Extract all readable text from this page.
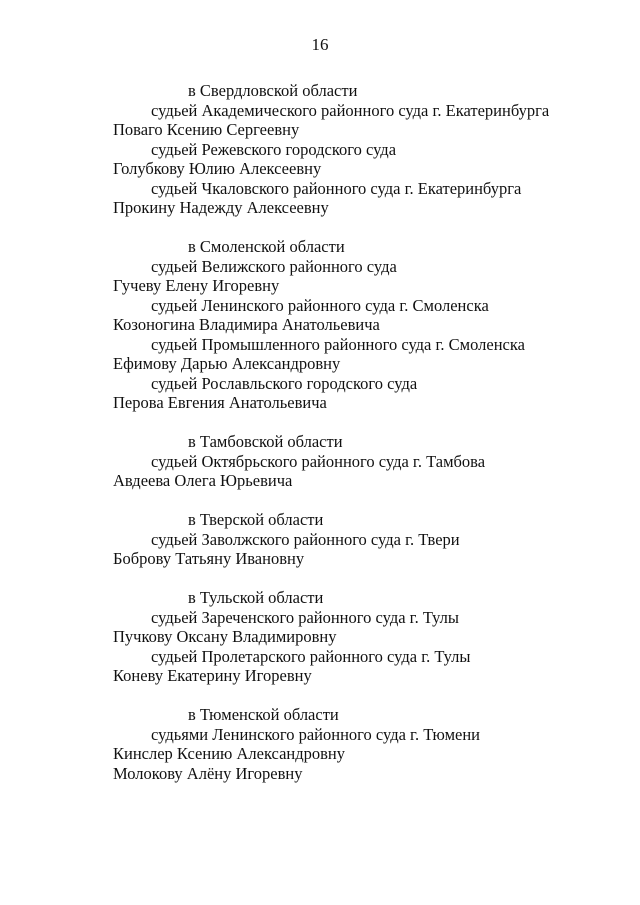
16
в Свердловской области
судьей Академического районного суда г. Екатеринбурга
Поваго Ксению Сергеевну
судьей Режевского городского суда
Голубкову Юлию Алексеевну
судьей Чкаловского районного суда г. Екатеринбурга
Прокину Надежду Алексеевну
в Смоленской области
судьей Велижского районного суда
Гучеву Елену Игоревну
судьей Ленинского районного суда г. Смоленска
Козоногина Владимира Анатольевича
судьей Промышленного районного суда г. Смоленска
Ефимову Дарью Александровну
судьей Рославльского городского суда
Перова Евгения Анатольевича
в Тамбовской области
судьей Октябрьского районного суда г. Тамбова
Авдеева Олега Юрьевича
в Тверской области
судьей Заволжского районного суда г. Твери
Боброву Татьяну Ивановну
в Тульской области
судьей Зареченского районного суда г. Тулы
Пучкову Оксану Владимировну
судьей Пролетарского районного суда г. Тулы
Коневу Екатерину Игоревну
в Тюменской области
судьями Ленинского районного суда г. Тюмени
Кинслер Ксению Александровну
Молокову Алёну Игоревну
